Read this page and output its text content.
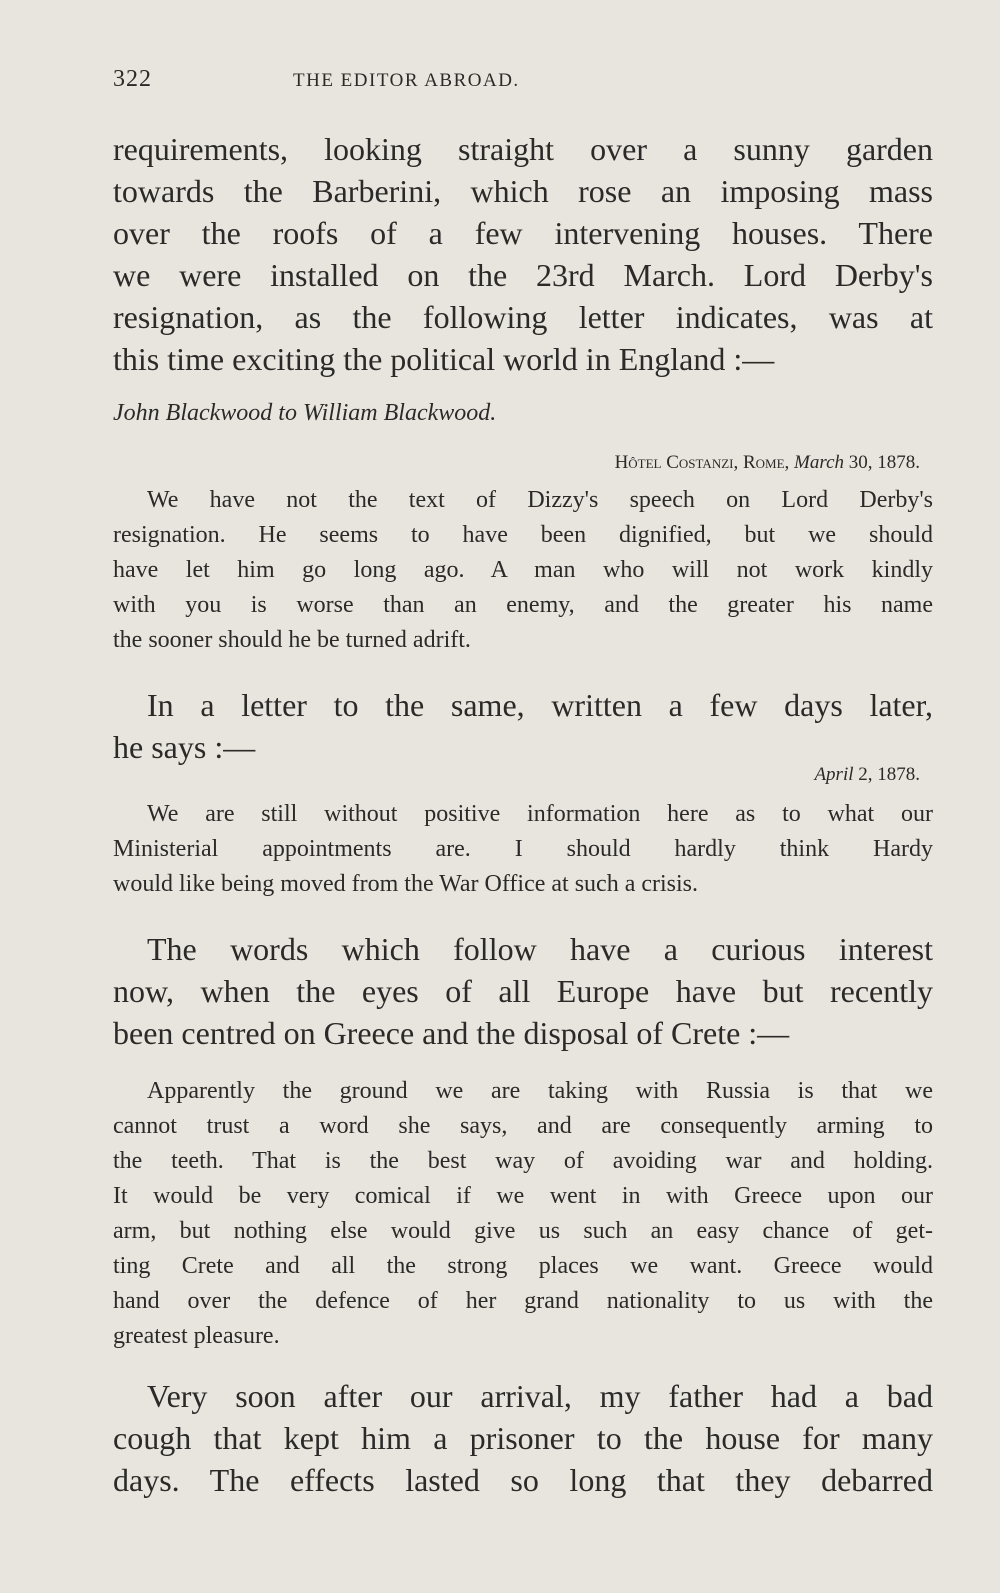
322	THE EDITOR ABROAD.
requirements, looking straight over a sunny garden
towards the Barberini, which rose an imposing mass
over the roofs of a few intervening houses. There
we were installed on the 23rd March. Lord Derby's
resignation, as the following letter indicates, was at
this time exciting the political world in England :—
John Blackwood to William Blackwood.
Hôtel Costanzi, Rome, March 30, 1878.
We have not the text of Dizzy's speech on Lord Derby's
resignation. He seems to have been dignified, but we should
have let him go long ago. A man who will not work kindly
with you is worse than an enemy, and the greater his name
the sooner should he be turned adrift.
In a letter to the same, written a few days later,
he says :—
April 2, 1878.
We are still without positive information here as to what our
Ministerial appointments are. I should hardly think Hardy
would like being moved from the War Office at such a crisis.
The words which follow have a curious interest
now, when the eyes of all Europe have but recently
been centred on Greece and the disposal of Crete :—
Apparently the ground we are taking with Russia is that we
cannot trust a word she says, and are consequently arming to
the teeth. That is the best way of avoiding war and holding.
It would be very comical if we went in with Greece upon our
arm, but nothing else would give us such an easy chance of get-
ting Crete and all the strong places we want. Greece would
hand over the defence of her grand nationality to us with the
greatest pleasure.
Very soon after our arrival, my father had a bad
cough that kept him a prisoner to the house for many
days. The effects lasted so long that they debarred
